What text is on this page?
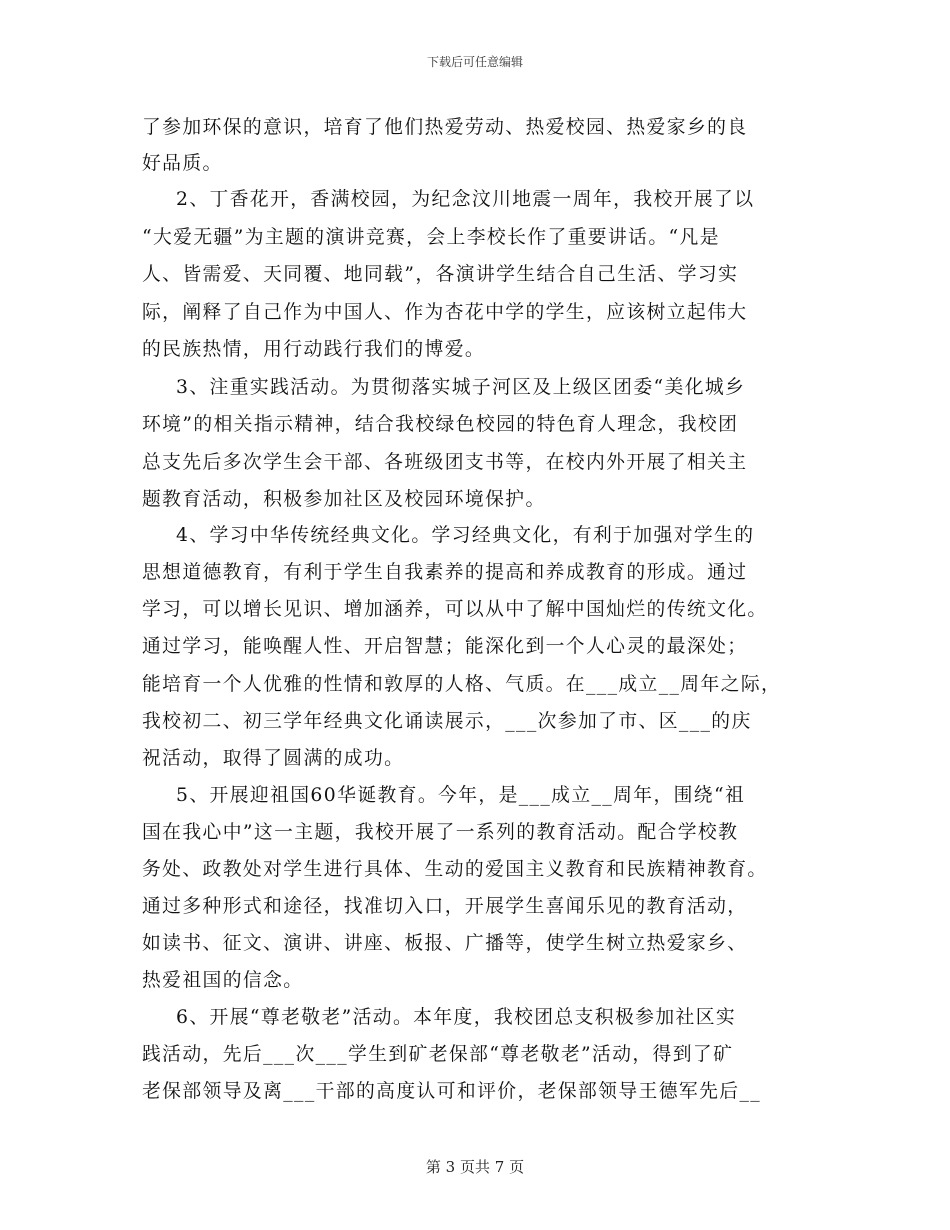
下载后可任意编辑
了参加环保的意识，培育了他们热爱劳动、热爱校园、热爱家乡的良
好品质。
2、丁香花开，香满校园，为纪念汶川地震一周年，我校开展了以
“大爱无疆”为主题的演讲竞赛，会上李校长作了重要讲话。“凡是
人、皆需爱、天同覆、地同载”，各演讲学生结合自己生活、学习实
际，阐释了自己作为中国人、作为杏花中学的学生，应该树立起伟大
的民族热情，用行动践行我们的博爱。
3、注重实践活动。为贯彻落实城子河区及上级区团委“美化城乡
环境”的相关指示精神，结合我校绿色校园的特色育人理念，我校团
总支先后多次学生会干部、各班级团支书等，在校内外开展了相关主
题教育活动，积极参加社区及校园环境保护。
4、学习中华传统经典文化。学习经典文化，有利于加强对学生的
思想道德教育，有利于学生自我素养的提高和养成教育的形成。通过
学习，可以增长见识、增加涵养，可以从中了解中国灿烂的传统文化。
通过学习，能唤醒人性、开启智慧；能深化到一个人心灵的最深处；
能培育一个人优雅的性情和敦厚的人格、气质。在___成立__周年之际，
我校初二、初三学年经典文化诵读展示，___次参加了市、区___的庆
祝活动，取得了圆满的成功。
5、开展迎祖国60华诞教育。今年，是___成立__周年，围绕“祖
国在我心中”这一主题，我校开展了一系列的教育活动。配合学校教
务处、政教处对学生进行具体、生动的爱国主义教育和民族精神教育。
通过多种形式和途径，找准切入口，开展学生喜闻乐见的教育活动，
如读书、征文、演讲、讲座、板报、广播等，使学生树立热爱家乡、
热爱祖国的信念。
6、开展“尊老敬老”活动。本年度，我校团总支积极参加社区实
践活动，先后___次___学生到矿老保部“尊老敬老”活动，得到了矿
老保部领导及离___干部的高度认可和评价，老保部领导王德军先后__
第 3 页共 7 页
